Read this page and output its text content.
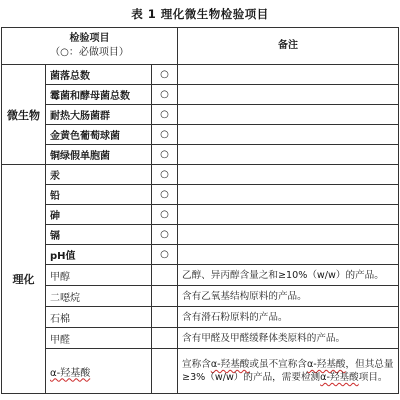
表 1 理化微生物检验项目
检验项目
（○：必做项目）			备注
微生物	菌落总数	○	
	霉菌和酵母菌总数	○	
	耐热大肠菌群	○	
	金黄色葡萄球菌	○	
	铜绿假单胞菌	○	
理化	汞	○	
	铅	○	
	砷	○	
	镉	○	
	pH值	○	
	甲醇		乙醇、异丙醇含量之和≥10%（w/w）的产品。
	二噁烷		含有乙氧基结构原料的产品。
	石棉		含有滑石粉原料的产品。
	甲醛		含有甲醛及甲醛缓释体类原料的产品。
	α-羟基酸		宣称含α-羟基酸或虽不宣称含α-羟基酸，但其总量≥3%（w/w）的产品，需要检测α-羟基酸项目。
